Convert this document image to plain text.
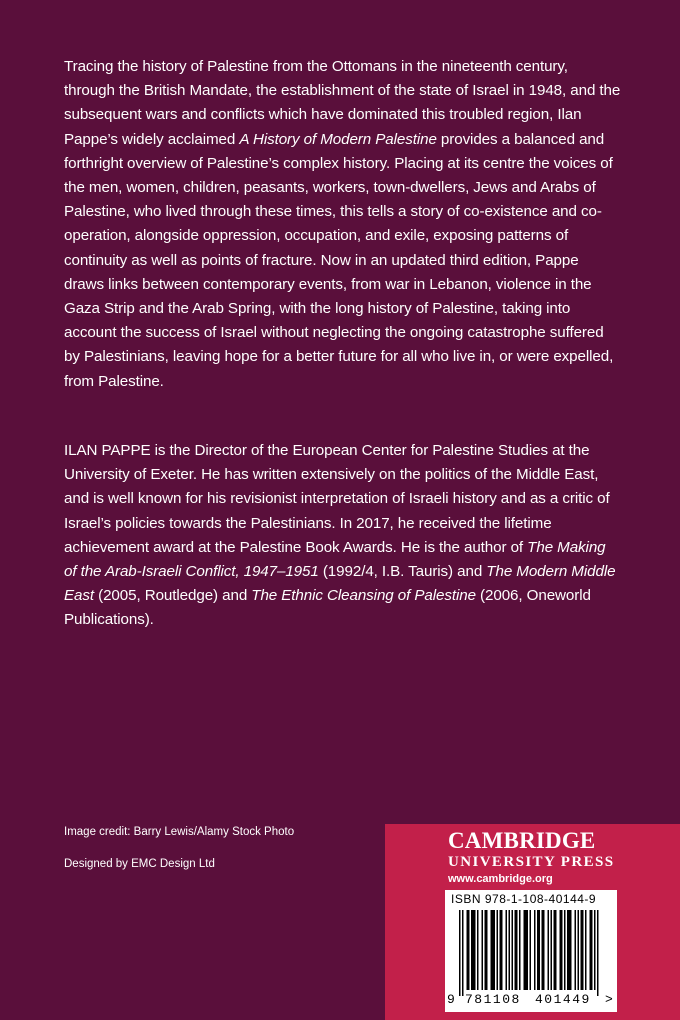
Tracing the history of Palestine from the Ottomans in the nineteenth century, through the British Mandate, the establishment of the state of Israel in 1948, and the subsequent wars and conflicts which have dominated this troubled region, Ilan Pappe’s widely acclaimed A History of Modern Palestine provides a balanced and forthright overview of Palestine’s complex history. Placing at its centre the voices of the men, women, children, peasants, workers, town-dwellers, Jews and Arabs of Palestine, who lived through these times, this tells a story of co-existence and co-operation, alongside oppression, occupation, and exile, exposing patterns of continuity as well as points of fracture. Now in an updated third edition, Pappe draws links between contemporary events, from war in Lebanon, violence in the Gaza Strip and the Arab Spring, with the long history of Palestine, taking into account the success of Israel without neglecting the ongoing catastrophe suffered by Palestinians, leaving hope for a better future for all who live in, or were expelled, from Palestine.

ILAN PAPPE is the Director of the European Center for Palestine Studies at the University of Exeter. He has written extensively on the politics of the Middle East, and is well known for his revisionist interpretation of Israeli history and as a critic of Israel’s policies towards the Palestinians. In 2017, he received the lifetime achievement award at the Palestine Book Awards. He is the author of The Making of the Arab-Israeli Conflict, 1947–1951 (1992/4, I.B. Tauris) and The Modern Middle East (2005, Routledge) and The Ethnic Cleansing of Palestine (2006, Oneworld Publications).

Image credit: Barry Lewis/Alamy Stock Photo
Designed by EMC Design Ltd
CAMBRIDGE
UNIVERSITY PRESS
www.cambridge.org
ISBN 978-1-108-40144-9
9 781108 401449 >
